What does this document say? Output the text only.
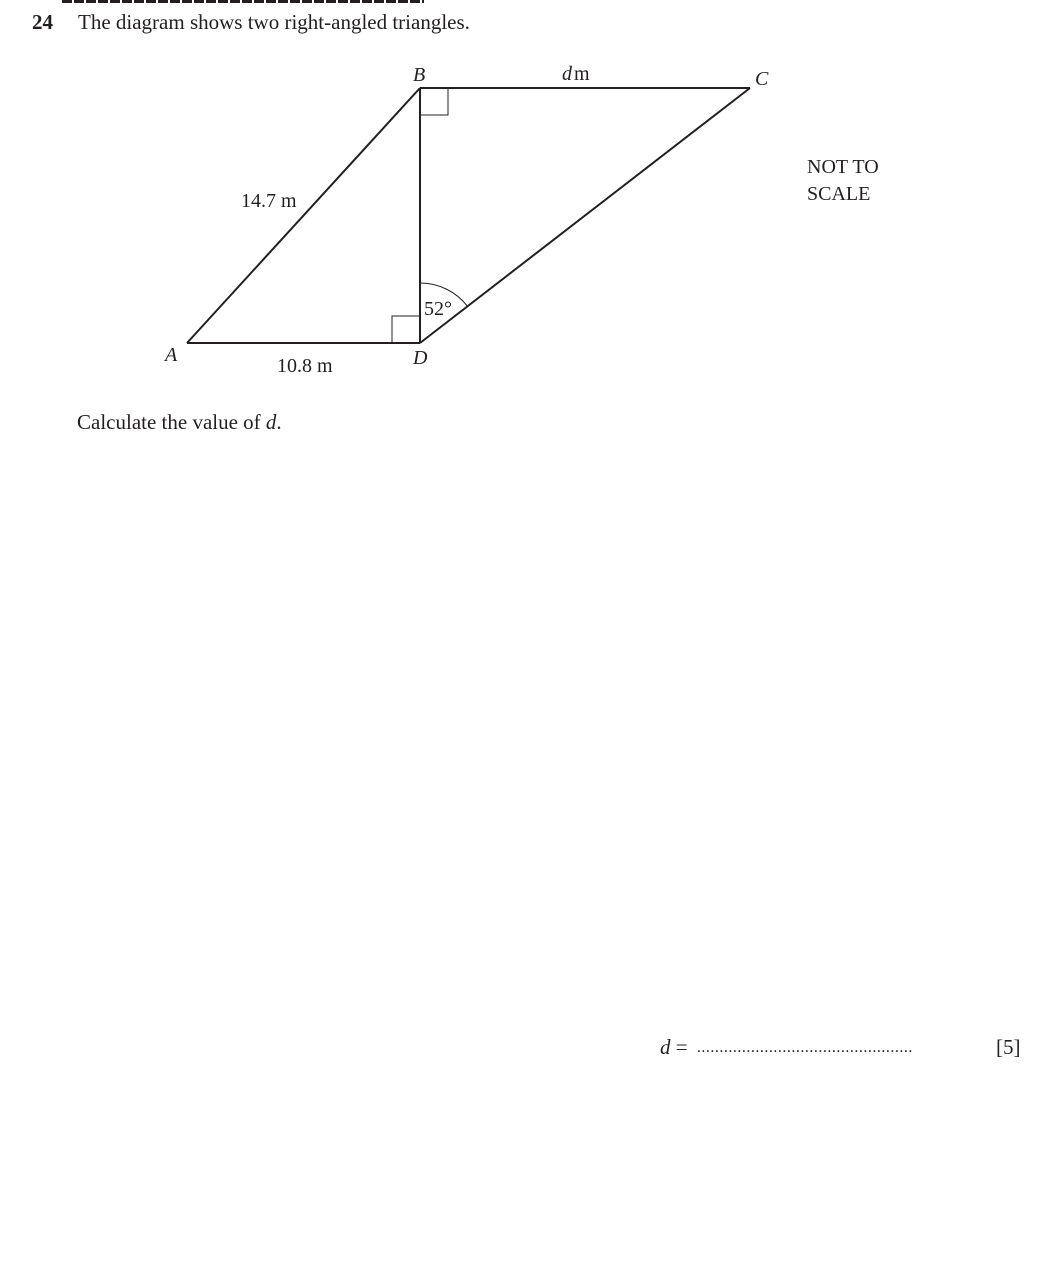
24 The diagram shows two right-angled triangles.
A
B	C
D
14.7 m
10.8 m
d m
52°
NOT TO
SCALE
Calculate the value of d.
d = ................................................	[5]
